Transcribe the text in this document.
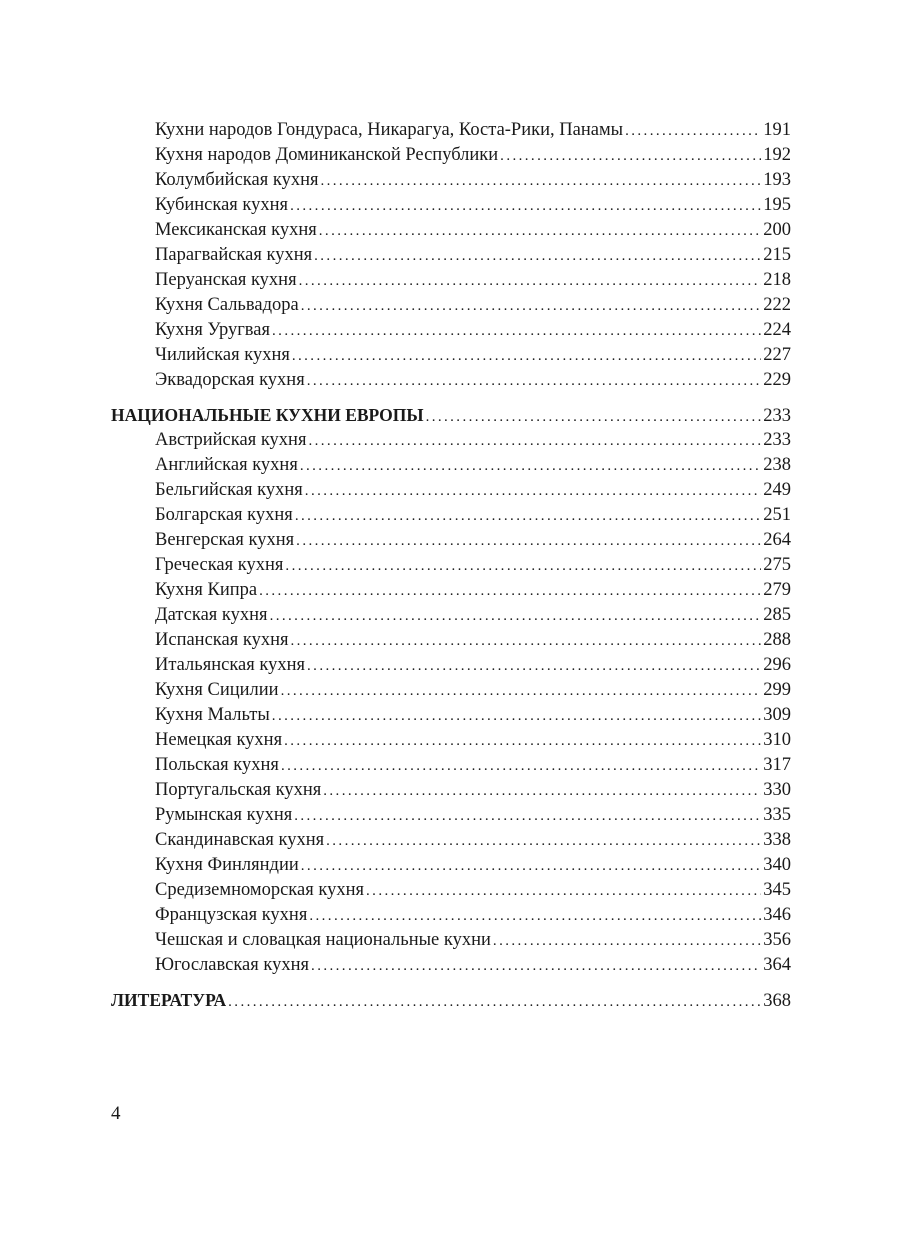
Кухни народов Гондураса, Никарагуа, Коста-Рики, Панамы .....	191
Кухня народов Доминиканской Республики .....	192
Колумбийская кухня .....	193
Кубинская кухня .....	195
Мексиканская кухня .....	200
Парагвайская кухня .....	215
Перуанская кухня .....	218
Кухня Сальвадора .....	222
Кухня Уругвая .....	224
Чилийская кухня .....	227
Эквадорская кухня .....	229
НАЦИОНАЛЬНЫЕ КУХНИ ЕВРОПЫ .....	233
Австрийская кухня .....	233
Английская кухня .....	238
Бельгийская кухня .....	249
Болгарская кухня .....	251
Венгерская кухня .....	264
Греческая кухня .....	275
Кухня Кипра .....	279
Датская кухня .....	285
Испанская кухня .....	288
Итальянская кухня .....	296
Кухня Сицилии .....	299
Кухня Мальты .....	309
Немецкая кухня .....	310
Польская кухня .....	317
Португальская кухня .....	330
Румынская кухня .....	335
Скандинавская кухня .....	338
Кухня Финляндии .....	340
Средиземноморская кухня .....	345
Французская кухня .....	346
Чешская и словацкая национальные кухни .....	356
Югославская кухня .....	364
ЛИТЕРАТУРА .....	368
4
